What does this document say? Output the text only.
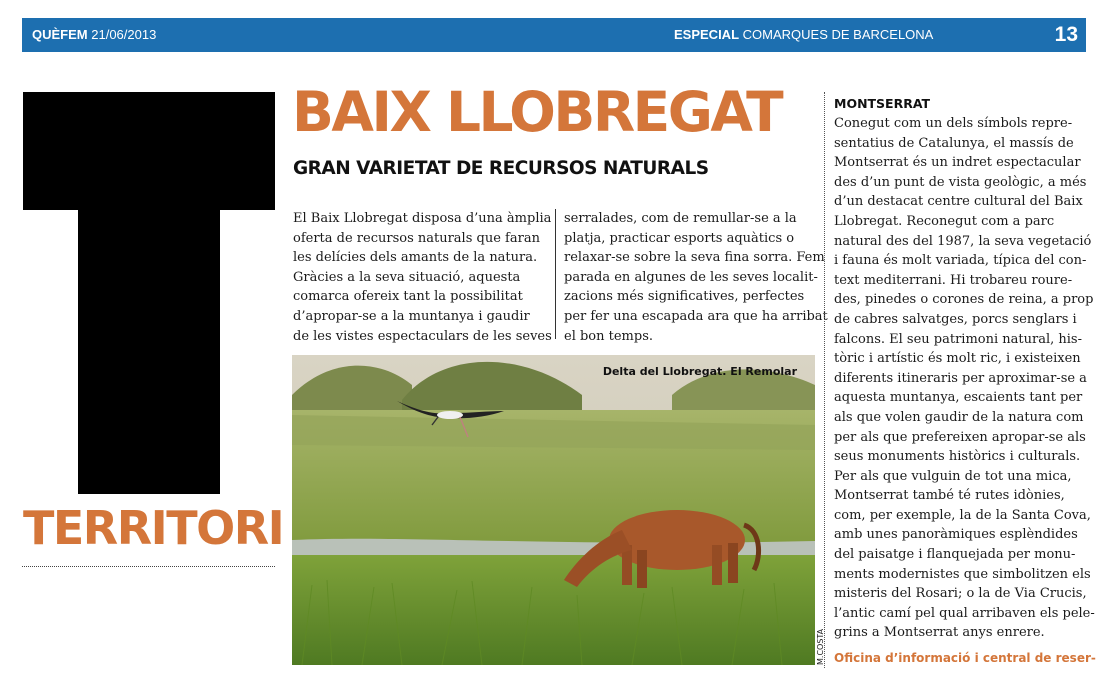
QUÈFEM 21/06/2013	ESPECIAL COMARQUES DE BARCELONA	13
TERRITORI
BAIX LLOBREGAT
GRAN VARIETAT DE RECURSOS NATURALS

El Baix Llobregat disposa d’una àmplia
oferta de recursos naturals que faran
les delícies dels amants de la natura.
Gràcies a la seva situació, aquesta
comarca ofereix tant la possibilitat
d’apropar-se a la muntanya i gaudir
de les vistes espectaculars de les seves

serralades, com de remullar-se a la
platja, practicar esports aquàtics o
relaxar-se sobre la seva fina sorra. Fem
parada en algunes de les seves localit-
zacions més significatives, perfectes
per fer una escapada ara que ha arribat
el bon temps.

Delta del Llobregat. El Remolar
M.COSTA
MONTSERRAT

Conegut com un dels símbols repre-
sentatius de Catalunya, el massís de
Montserrat és un indret espectacular
des d’un punt de vista geològic, a més
d’un destacat centre cultural del Baix
Llobregat. Reconegut com a parc
natural des del 1987, la seva vegetació
i fauna és molt variada, típica del con-
text mediterrani. Hi trobareu roure-
des, pinedes o corones de reina, a prop
de cabres salvatges, porcs senglars i
falcons. El seu patrimoni natural, his-
tòric i artístic és molt ric, i existeixen
diferents itineraris per aproximar-se a
aquesta muntanya, escaients tant per
als que volen gaudir de la natura com
per als que prefereixen apropar-se als
seus monuments històrics i culturals.
Per als que vulguin de tot una mica,
Montserrat també té rutes idònies,
com, per exemple, la de la Santa Cova,
amb unes panoràmiques esplèndides
del paisatge i flanquejada per monu-
ments modernistes que simbolitzen els
misteris del Rosari; o la de Via Crucis,
l’antic camí pel qual arribaven els pele-
grins a Montserrat anys enrere.

Oficina d’informació i central de reser-
